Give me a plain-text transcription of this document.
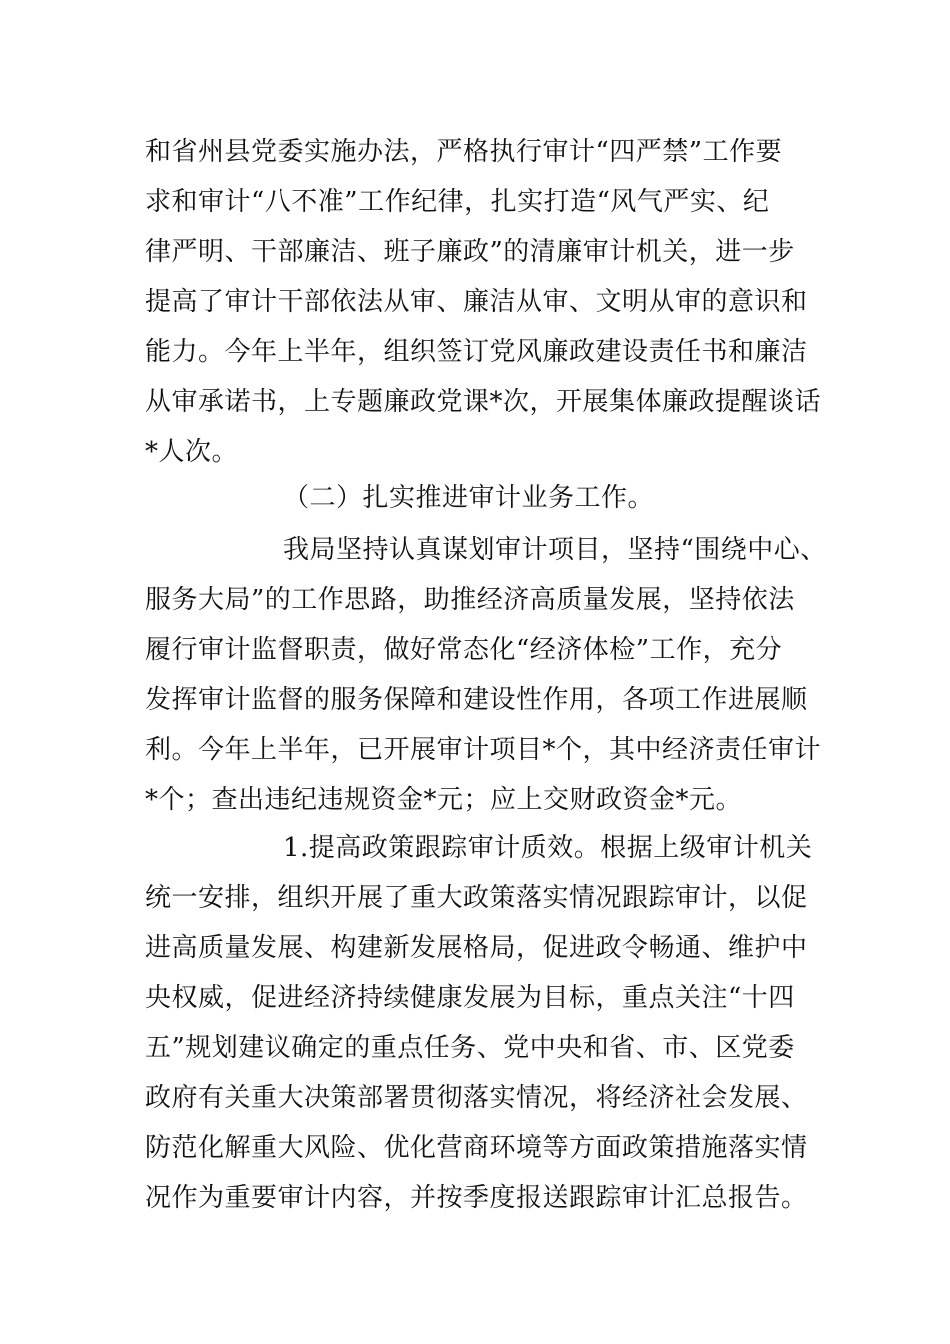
和省州县党委实施办法，严格执行审计“四严禁”工作要
求和审计“八不准”工作纪律，扎实打造“风气严实、纪
律严明、干部廉洁、班子廉政”的清廉审计机关，进一步
提高了审计干部依法从审、廉洁从审、文明从审的意识和
能力。今年上半年，组织签订党风廉政建设责任书和廉洁
从审承诺书，上专题廉政党课*次，开展集体廉政提醒谈话
*人次。
（二）扎实推进审计业务工作。
我局坚持认真谋划审计项目，坚持“围绕中心、
服务大局”的工作思路，助推经济高质量发展，坚持依法
履行审计监督职责，做好常态化“经济体检”工作，充分
发挥审计监督的服务保障和建设性作用，各项工作进展顺
利。今年上半年，已开展审计项目*个，其中经济责任审计
*个；查出违纪违规资金*元；应上交财政资金*元。
1.提高政策跟踪审计质效。根据上级审计机关
统一安排，组织开展了重大政策落实情况跟踪审计，以促
进高质量发展、构建新发展格局，促进政令畅通、维护中
央权威，促进经济持续健康发展为目标，重点关注“十四
五”规划建议确定的重点任务、党中央和省、市、区党委
政府有关重大决策部署贯彻落实情况，将经济社会发展、
防范化解重大风险、优化营商环境等方面政策措施落实情
况作为重要审计内容，并按季度报送跟踪审计汇总报告。
